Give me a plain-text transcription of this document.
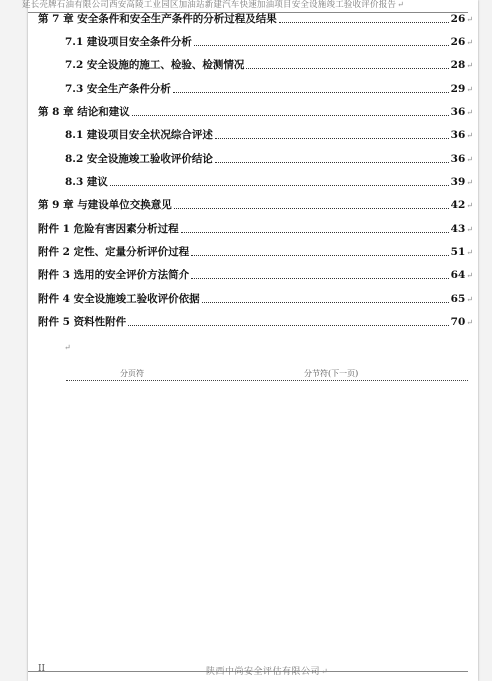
延长壳牌石油有限公司西安高陵工业园区加油站新建汽车快速加油项目安全设施竣工验收评价报告↵
第 7 章 安全条件和安全生产条件的分析过程及结果	26 ↵
7.1 建设项目安全条件分析	26 ↵
7.2 安全设施的施工、检验、检测情况	28 ↵
7.3 安全生产条件分析	29 ↵
第 8 章 结论和建议	36 ↵
8.1 建设项目安全状况综合评述	36 ↵
8.2 安全设施竣工验收评价结论	36 ↵
8.3 建议	39 ↵
第 9 章 与建设单位交换意见	42 ↵
附件 1 危险有害因素分析过程	43 ↵
附件 2 定性、定量分析评价过程	51 ↵
附件 3 选用的安全评价方法简介	64 ↵
附件 4 安全设施竣工验收评价依据	65 ↵
附件 5 资料性附件	70 ↵
↵
分页符	分节符(下一页)
II	陕西中尚安全评估有限公司↵
